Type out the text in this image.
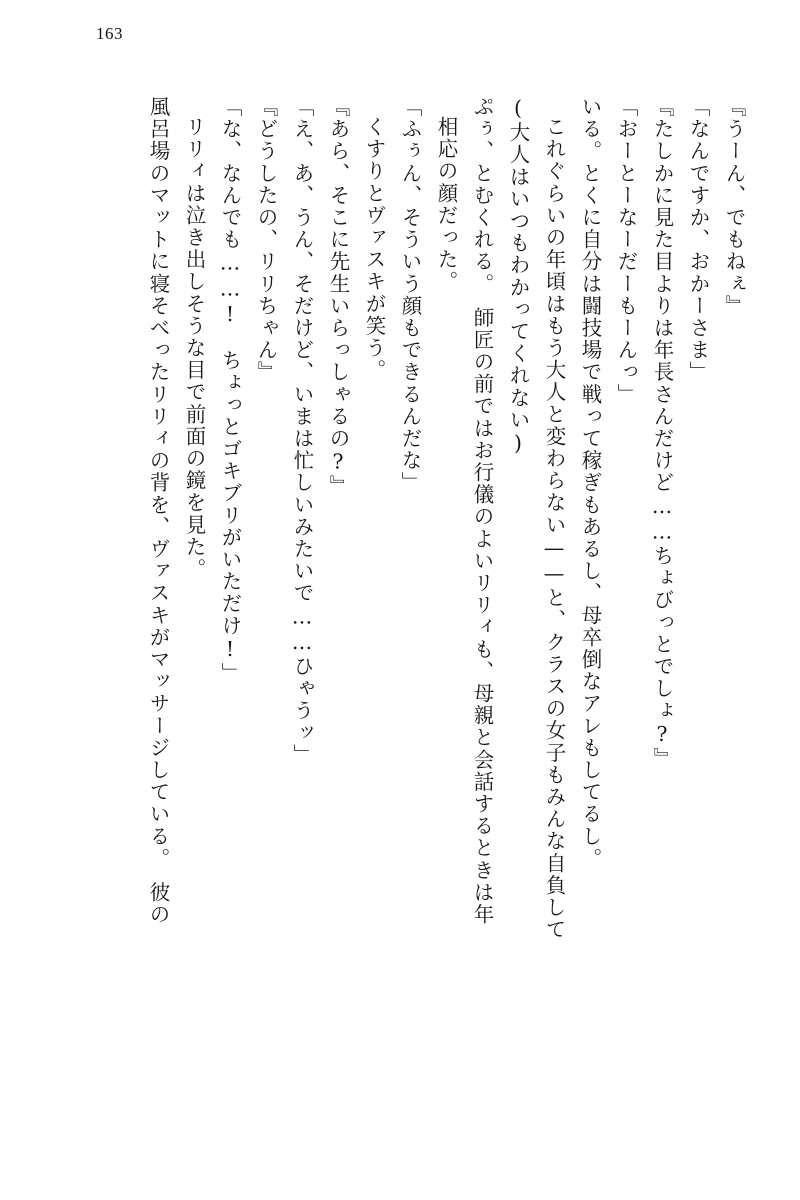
163
『うーん、でもねぇ』
「なんですか、おかーさま」
『たしかに見た目よりは年長さんだけど……ちょびっとでしょ?』
「おーとーなーだーもーんっ」
いる。とくに自分は闘技場で戦って稼ぎもあるし、母卒倒なアレもしてるし。
これぐらいの年頃はもう大人と変わらない——と、クラスの女子もみんな自負して
(大人はいつもわかってくれない)
ぷぅ、とむくれる。　師匠の前ではお行儀のよいリリィも、母親と会話するときは年
相応の顔だった。
「ふぅん、そういう顔もできるんだな」
くすりとヴァスキが笑う。
『あら、そこに先生いらっしゃるの?』
「え、あ、うん、そだけど、いまは忙しいみたいで……ひゃうッ」
『どうしたの、リリちゃん』
「な、なんでも……!　ちょっとゴキブリがいただけ!」
リリィは泣き出しそうな目で前面の鏡を見た。
風呂場のマットに寝そべったリリィの背を、ヴァスキがマッサージしている。　彼の
